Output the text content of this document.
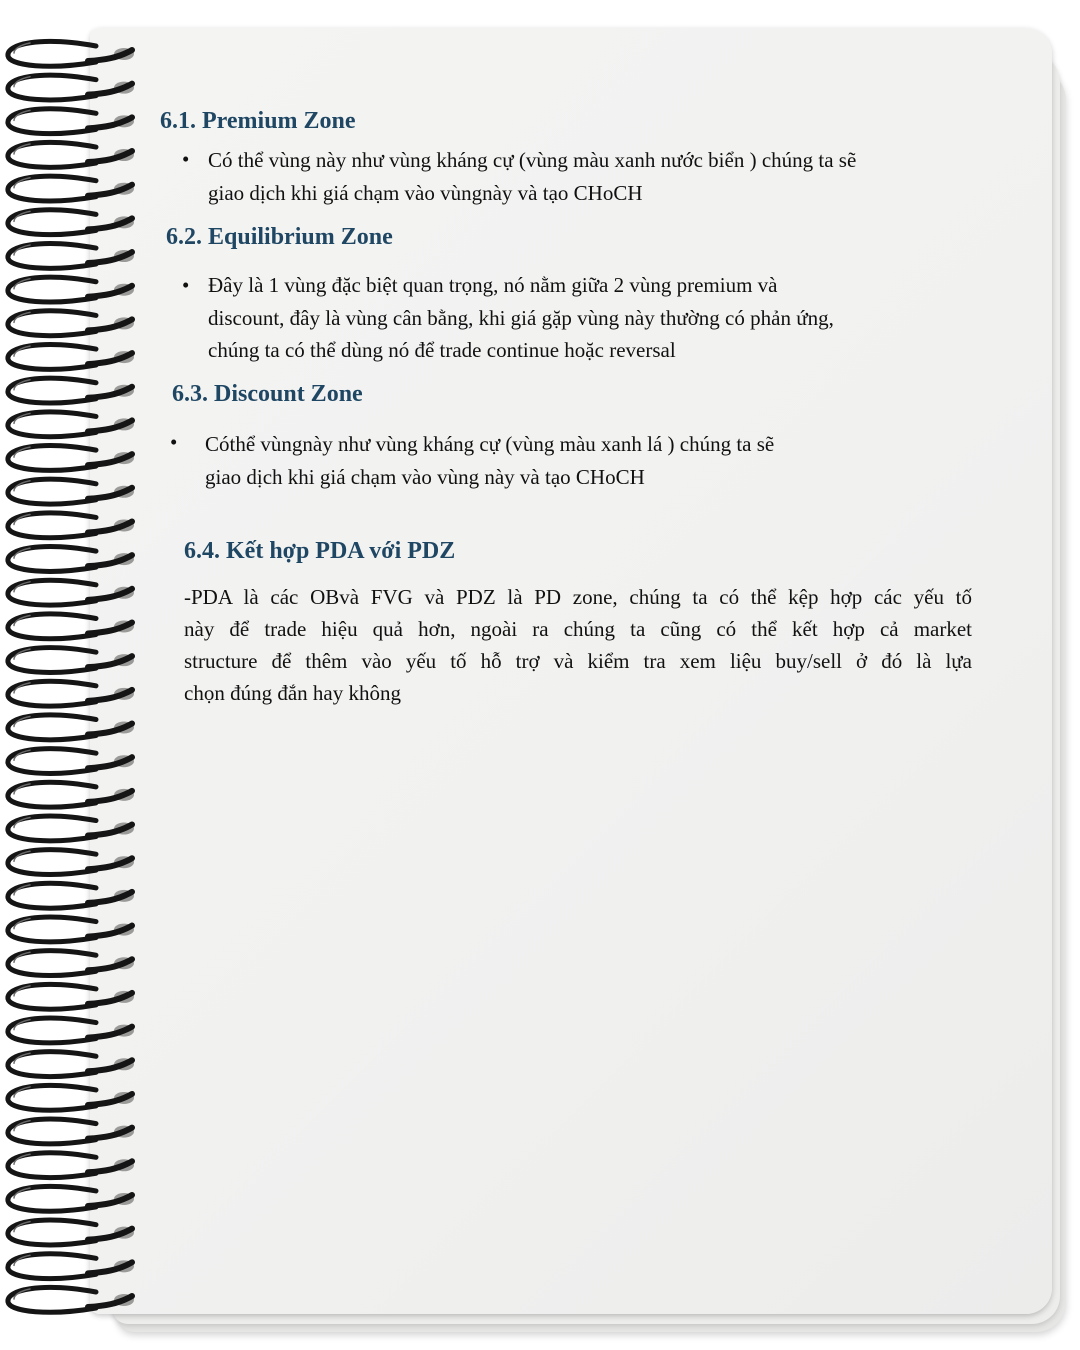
6.1. Premium Zone
• Có thể vùng này như vùng kháng cự (vùng màu xanh nước biển ) chúng ta sẽ

giao dịch khi giá chạm vào vùngnày và tạo CHoCH

6.2. Equilibrium Zone
• Đây là 1 vùng đặc biệt quan trọng, nó nằm giữa 2 vùng premium và

discount, đây là vùng cân bằng, khi giá gặp vùng này thường có phản ứng,

chúng ta có thể dùng nó để trade continue hoặc reversal

6.3. Discount Zone
• Cóthể vùngnày như vùng kháng cự (vùng màu xanh lá ) chúng ta sẽ

giao dịch khi giá chạm vào vùng này và tạo CHoCH

6.4. Kết hợp PDA với PDZ

-PDA là các OBvà FVG và PDZ là PD zone, chúng ta có thể kệp hợp các yếu tố

này để trade hiệu quả hơn, ngoài ra chúng ta cũng có thể kết hợp cả market

structure để thêm vào yếu tố hỗ trợ và kiểm tra xem liệu buy/sell ở đó là lựa

chọn đúng đắn hay không
